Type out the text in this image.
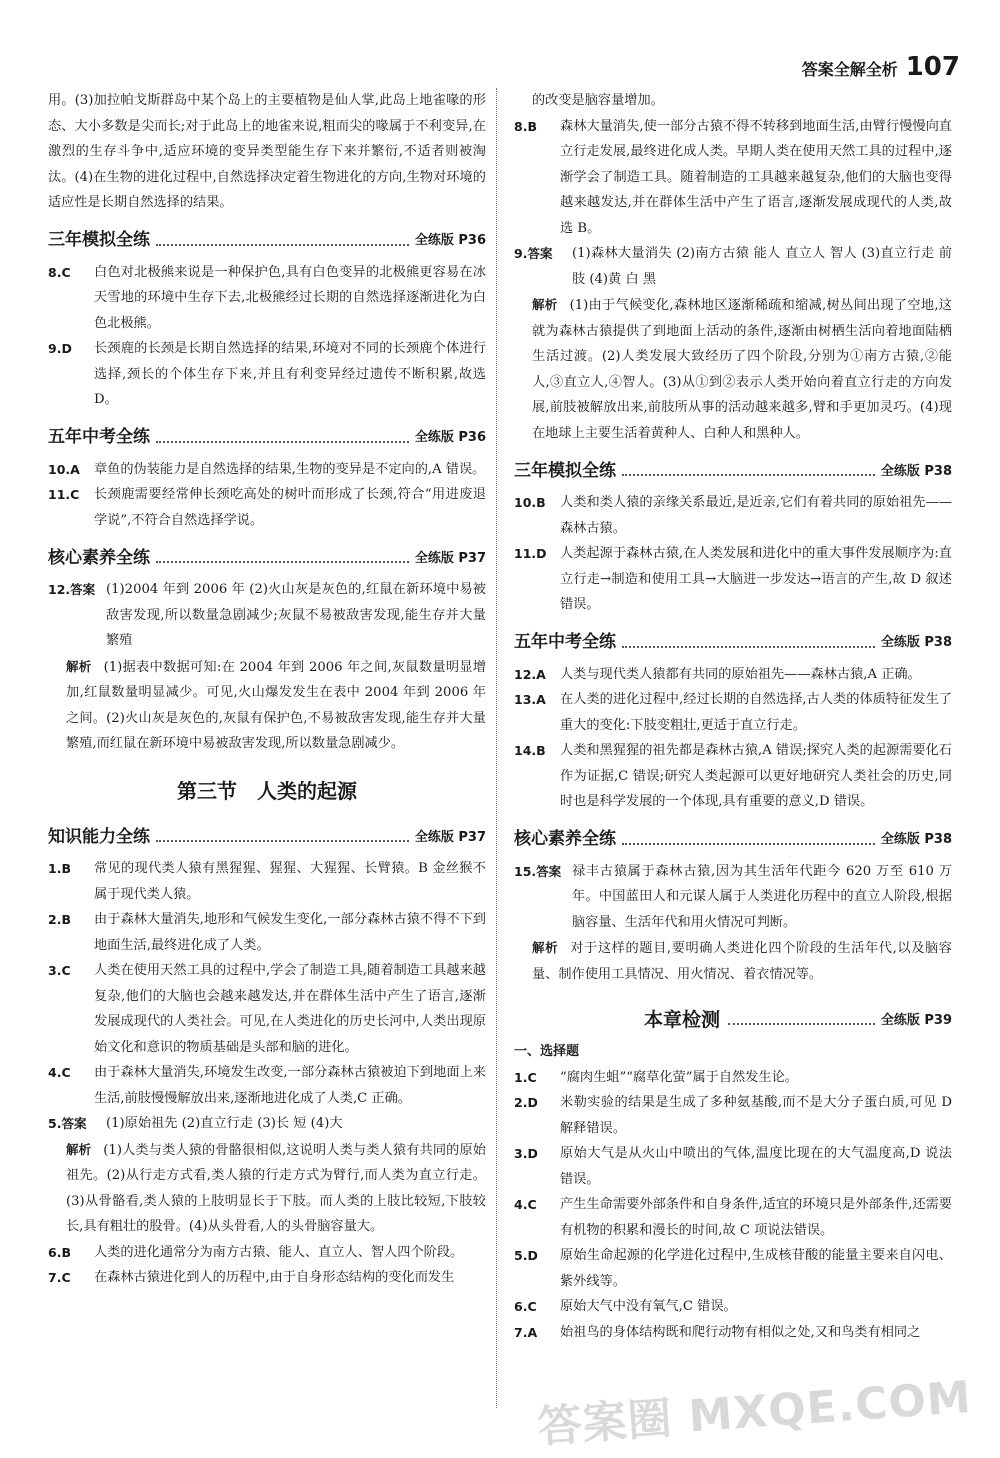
答案全解全析 107

用。(3)加拉帕戈斯群岛中某个岛上的主要植物是仙人掌,此岛上地雀喙的形态、大小多数是尖而长;对于此岛上的地雀来说,粗而尖的喙属于不利变异,在激烈的生存斗争中,适应环境的变异类型能生存下来并繁衍,不适者则被淘汰。(4)在生物的进化过程中,自然选择决定着生物进化的方向,生物对环境的适应性是长期自然选择的结果。

三年模拟全练	全练版 P36
8.C 白色对北极熊来说是一种保护色,具有白色变异的北极熊更容易在冰天雪地的环境中生存下去,北极熊经过长期的自然选择逐渐进化为白色北极熊。
9.D 长颈鹿的长颈是长期自然选择的结果,环境对不同的长颈鹿个体进行选择,颈长的个体生存下来,并且有利变异经过遗传不断积累,故选 D。
五年中考全练	全练版 P36
10.A 章鱼的伪装能力是自然选择的结果,生物的变异是不定向的,A 错误。
11.C 长颈鹿需要经常伸长颈吃高处的树叶而形成了长颈,符合“用进废退学说”,不符合自然选择学说。
核心素养全练	全练版 P37
12.答案 (1)2004 年到 2006 年 (2)火山灰是灰色的,红鼠在新环境中易被敌害发现,所以数量急剧减少;灰鼠不易被敌害发现,能生存并大量繁殖

解析 (1)据表中数据可知:在 2004 年到 2006 年之间,灰鼠数量明显增加,红鼠数量明显减少。可见,火山爆发发生在表中 2004 年到 2006 年之间。(2)火山灰是灰色的,灰鼠有保护色,不易被敌害发现,能生存并大量繁殖,而红鼠在新环境中易被敌害发现,所以数量急剧减少。

第三节　人类的起源
知识能力全练	全练版 P37
1.B 常见的现代类人猿有黑猩猩、猩猩、大猩猩、长臂猿。B 金丝猴不属于现代类人猿。
2.B 由于森林大量消失,地形和气候发生变化,一部分森林古猿不得不下到地面生活,最终进化成了人类。
3.C 人类在使用天然工具的过程中,学会了制造工具,随着制造工具越来越复杂,他们的大脑也会越来越发达,并在群体生活中产生了语言,逐渐发展成现代的人类社会。可见,在人类进化的历史长河中,人类出现原始文化和意识的物质基础是头部和脑的进化。
4.C 由于森林大量消失,环境发生改变,一部分森林古猿被迫下到地面上来生活,前肢慢慢解放出来,逐渐地进化成了人类,C 正确。
5.答案 (1)原始祖先 (2)直立行走 (3)长 短 (4)大

解析 (1)人类与类人猿的骨骼很相似,这说明人类与类人猿有共同的原始祖先。(2)从行走方式看,类人猿的行走方式为臂行,而人类为直立行走。(3)从骨骼看,类人猿的上肢明显长于下肢。而人类的上肢比较短,下肢较长,具有粗壮的股骨。(4)从头骨看,人的头骨脑容量大。

6.B 人类的进化通常分为南方古猿、能人、直立人、智人四个阶段。
7.C 在森林古猿进化到人的历程中,由于自身形态结构的变化而发生

的改变是脑容量增加。

8.B 森林大量消失,使一部分古猿不得不转移到地面生活,由臂行慢慢向直立行走发展,最终进化成人类。早期人类在使用天然工具的过程中,逐渐学会了制造工具。随着制造的工具越来越复杂,他们的大脑也变得越来越发达,并在群体生活中产生了语言,逐渐发展成现代的人类,故选 B。
9.答案 (1)森林大量消失 (2)南方古猿 能人 直立人 智人 (3)直立行走 前肢 (4)黄 白 黑

解析 (1)由于气候变化,森林地区逐渐稀疏和缩减,树丛间出现了空地,这就为森林古猿提供了到地面上活动的条件,逐渐由树栖生活向着地面陆栖生活过渡。(2)人类发展大致经历了四个阶段,分别为①南方古猿,②能人,③直立人,④智人。(3)从①到②表示人类开始向着直立行走的方向发展,前肢被解放出来,前肢所从事的活动越来越多,臂和手更加灵巧。(4)现在地球上主要生活着黄种人、白种人和黑种人。

三年模拟全练	全练版 P38
10.B 人类和类人猿的亲缘关系最近,是近亲,它们有着共同的原始祖先——森林古猿。
11.D 人类起源于森林古猿,在人类发展和进化中的重大事件发展顺序为:直立行走→制造和使用工具→大脑进一步发达→语言的产生,故 D 叙述错误。
五年中考全练	全练版 P38
12.A 人类与现代类人猿都有共同的原始祖先——森林古猿,A 正确。
13.A 在人类的进化过程中,经过长期的自然选择,古人类的体质特征发生了重大的变化:下肢变粗壮,更适于直立行走。
14.B 人类和黑猩猩的祖先都是森林古猿,A 错误;探究人类的起源需要化石作为证据,C 错误;研究人类起源可以更好地研究人类社会的历史,同时也是科学发展的一个体现,具有重要的意义,D 错误。
核心素养全练	全练版 P38
15.答案 禄丰古猿属于森林古猿,因为其生活年代距今 620 万至 610 万年。中国蓝田人和元谋人属于人类进化历程中的直立人阶段,根据脑容量、生活年代和用火情况可判断。

解析 对于这样的题目,要明确人类进化四个阶段的生活年代,以及脑容量、制作使用工具情况、用火情况、着衣情况等。

本章检测	全练版 P39
一、选择题
1.C “腐肉生蛆”“腐草化萤”属于自然发生论。
2.D 米勒实验的结果是生成了多种氨基酸,而不是大分子蛋白质,可见 D 解释错误。
3.D 原始大气是从火山中喷出的气体,温度比现在的大气温度高,D 说法错误。
4.C 产生生命需要外部条件和自身条件,适宜的环境只是外部条件,还需要有机物的积累和漫长的时间,故 C 项说法错误。
5.D 原始生命起源的化学进化过程中,生成核苷酸的能量主要来自闪电、紫外线等。
6.C 原始大气中没有氧气,C 错误。
7.A 始祖鸟的身体结构既和爬行动物有相似之处,又和鸟类有相同之
答案圈 MXQE.COM
